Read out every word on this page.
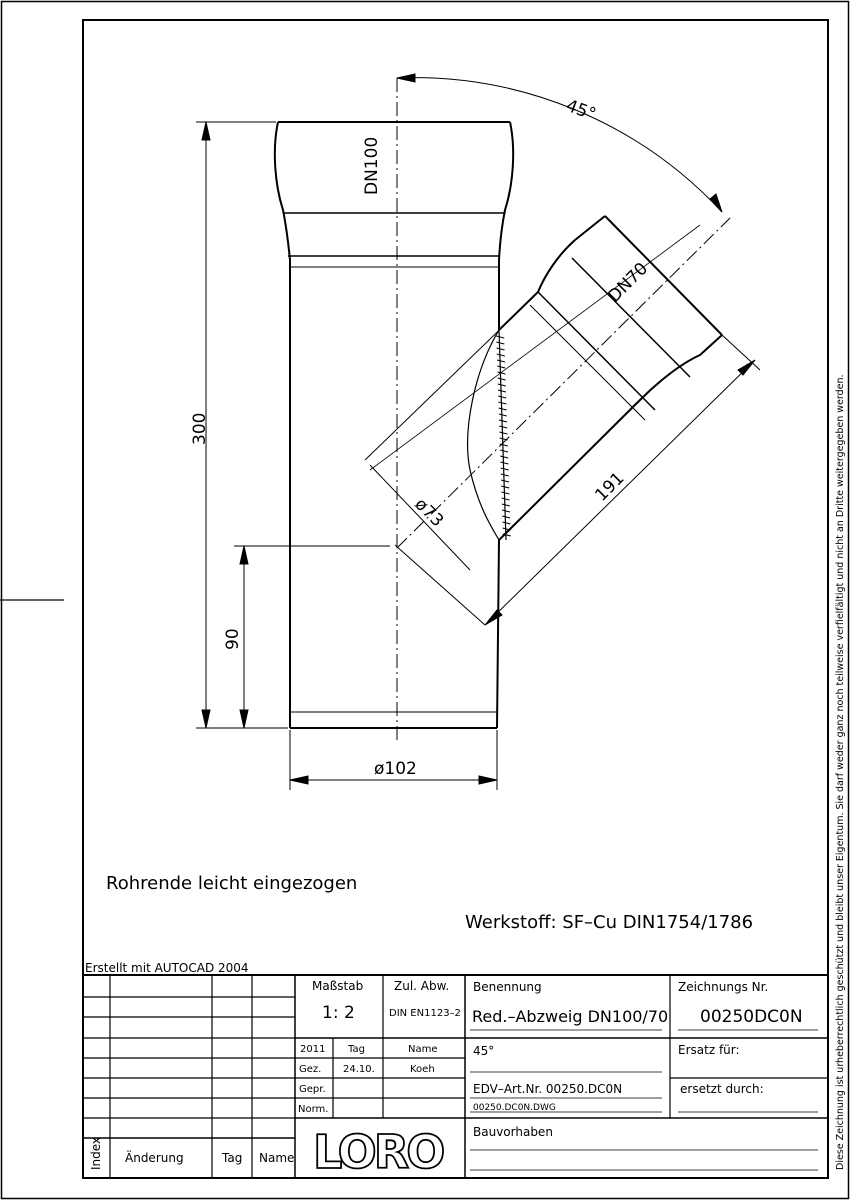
45°
DN100
DN70
300
90
ø102
ø73
191
Rohrende leicht eingezogen
Werkstoff: SF–Cu DIN1754/1786	Diese Zeichnung ist urheberrechtlich geschützt und bleibt unser Eigentum. Sie darf weder ganz noch teilweise verfielfältigt und nicht an Dritte weitergegeben werden.
Erstellt mit AUTOCAD 2004
Index Änderung	Tag Name
Maßstab
1: 2
Zul. Abw.
DIN EN1123–2
2011 Tag	Name
Gez. 24.10.	Koeh
Gepr.
Norm.
Benennung
Red.–Abzweig DN100/70
45°
EDV–Art.Nr. 00250.DC0N
00250.DC0N.DWG
Bauvorhaben
Zeichnungs Nr.
00250DC0N
Ersatz für:
ersetzt durch:
LORO
